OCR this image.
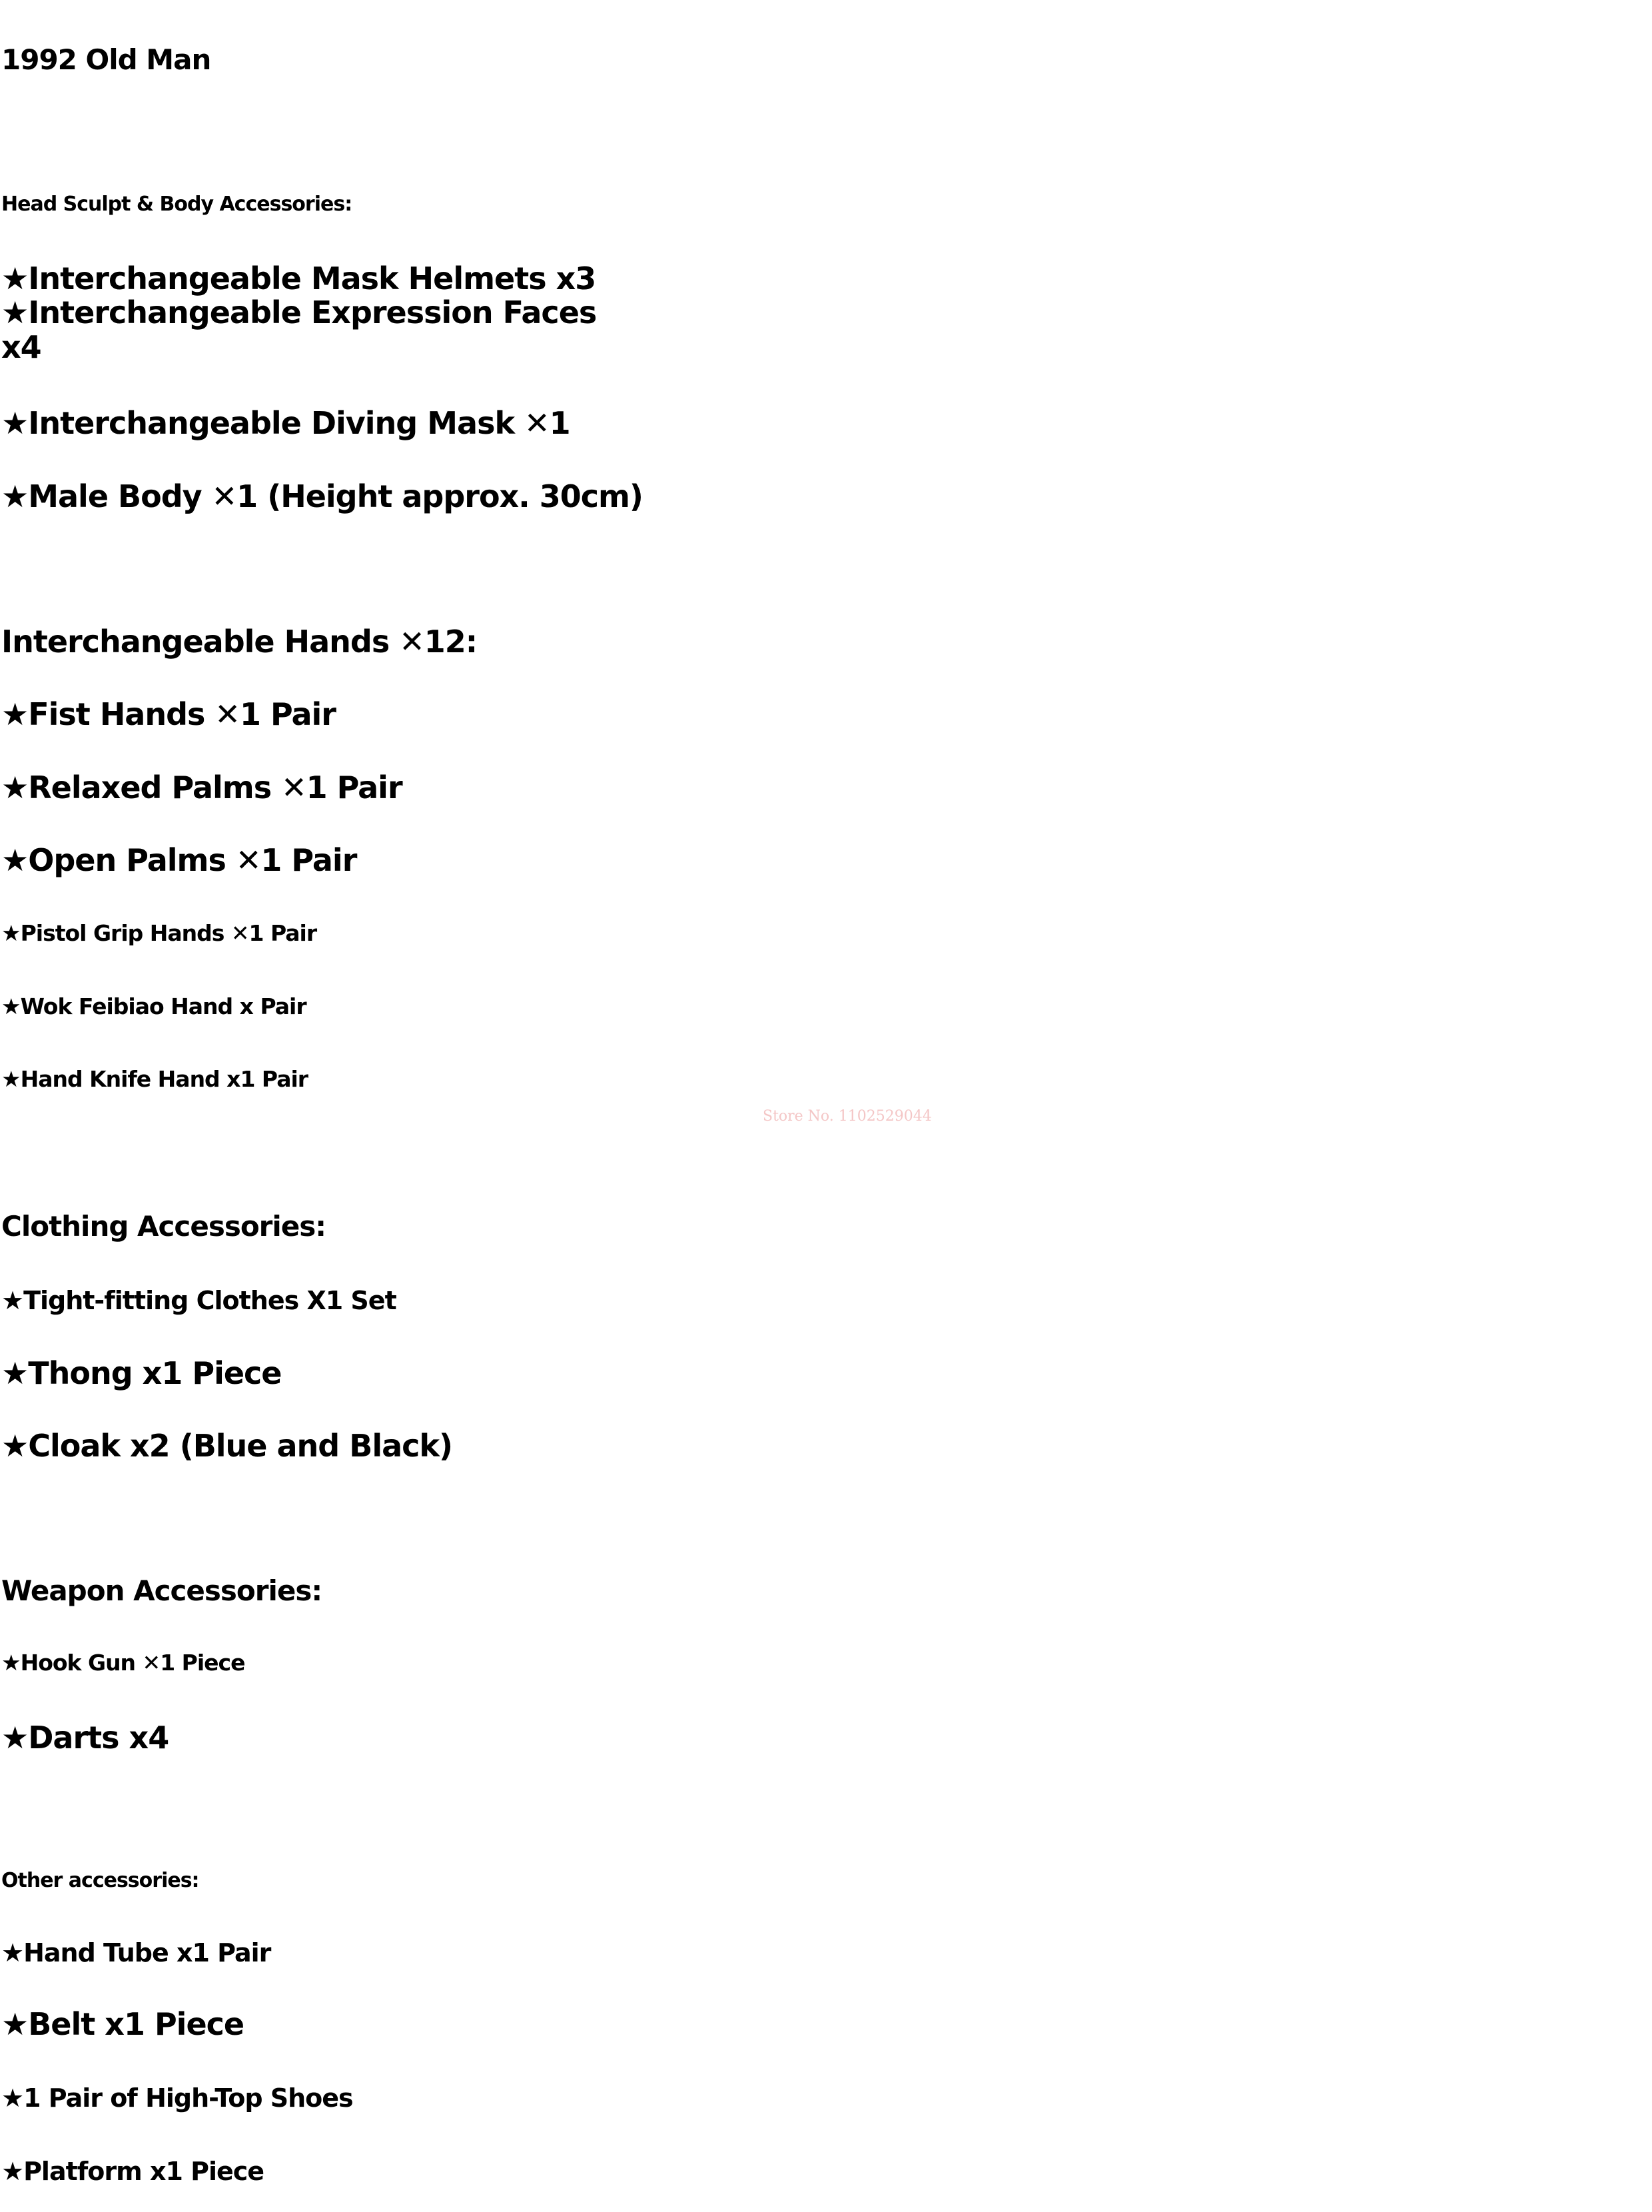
1992 Old Man
Head Sculpt & Body Accessories:
★Interchangeable Mask Helmets x3
★Interchangeable Expression Faces
x4
★Interchangeable Diving Mask ✕1
★Male Body ✕1 (Height approx. 30cm)
Interchangeable Hands ✕12:
★Fist Hands ✕1 Pair
★Relaxed Palms ✕1 Pair
★Open Palms ✕1 Pair
★Pistol Grip Hands ✕1 Pair
★Wok Feibiao Hand x Pair
★Hand Knife Hand x1 Pair
Store No. 1102529044
Clothing Accessories:
★Tight-fitting Clothes X1 Set
★Thong x1 Piece
★Cloak x2 (Blue and Black)
Weapon Accessories:
★Hook Gun ✕1 Piece
★Darts x4
Other accessories:
★Hand Tube x1 Pair
★Belt x1 Piece
★1 Pair of High-Top Shoes
★Platform x1 Piece
